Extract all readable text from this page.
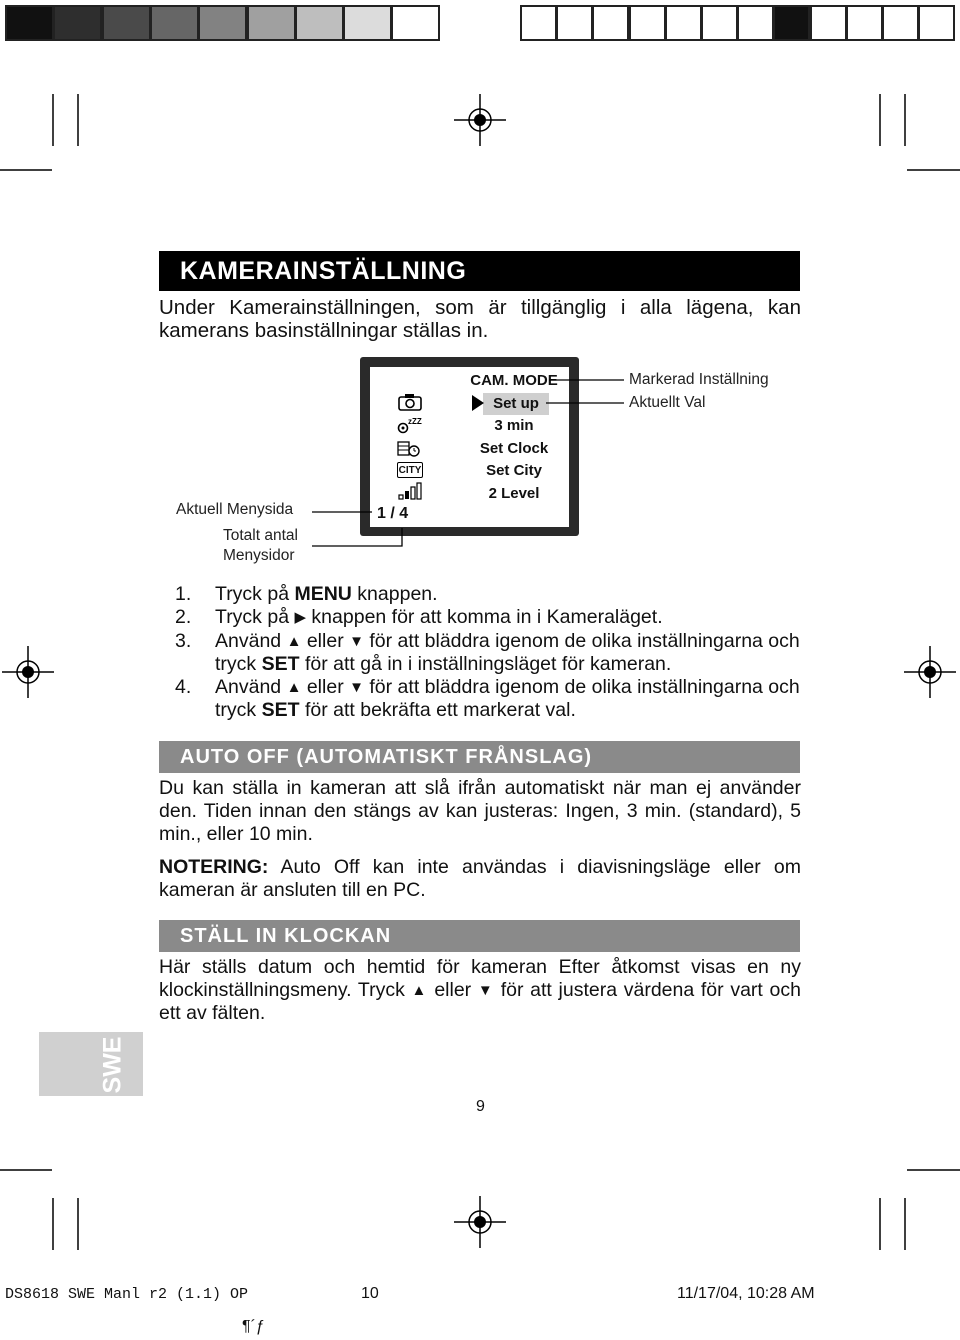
KAMERAINSTÄLLNING
Under Kamerainställningen, som är tillgänglig i alla lägena, kan kamerans basinställningar ställas in.
zZZ
CITY
CAM. MODE
Set up
3 min
Set Clock
Set City
2 Level
1 / 4
Markerad Inställning
Aktuellt Val
Aktuell Menysida
Totalt antal
Menysidor
1. Tryck på MENU knappen.
2. Tryck på ▶ knappen för att komma in i Kameraläget.
3. Använd ▲ eller ▼ för att bläddra igenom de olika inställningarna och tryck SET för att gå in i inställningsläget för kameran.
4. Använd ▲ eller ▼ för att bläddra igenom de olika inställningarna och tryck SET för att bekräfta ett markerat val.
AUTO OFF (AUTOMATISKT FRÅNSLAG)
Du kan ställa in kameran att slå ifrån automatiskt när man ej använder den. Tiden innan den stängs av kan justeras: Ingen, 3 min. (standard), 5 min., eller 10 min.
NOTERING: Auto Off kan inte användas i diavisningsläge eller om kameran är ansluten till en PC.
STÄLL IN KLOCKAN
Här ställs datum och hemtid för kameran Efter åtkomst visas en ny klockinställningsmeny. Tryck ▲ eller ▼ för att justera värdena för vart och ett av fälten.
SWE
9
DS8618 SWE Manl r2 (1.1) OP	10	11/17/04, 10:28 AM
¶´ƒ
